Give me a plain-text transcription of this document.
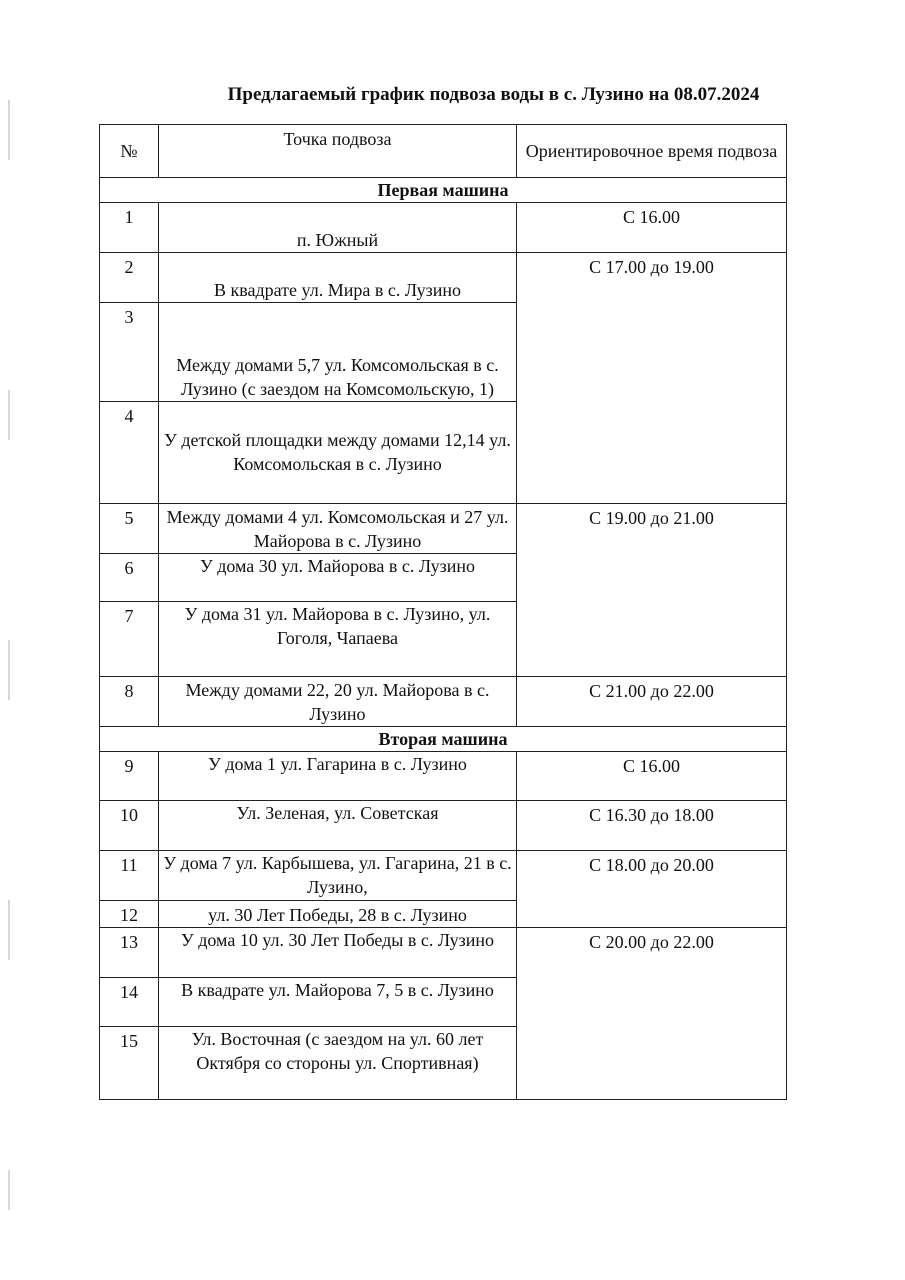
Предлагаемый график подвоза воды в с. Лузино на 08.07.2024
№	Точка подвоза	Ориентировочное время подвоза
Первая машина		
1	п. Южный	С 16.00
2	В квадрате ул. Мира в с. Лузино	С 17.00 до 19.00
3	Между домами 5,7 ул. Комсомольская в с. Лузино (с заездом на Комсомольскую, 1)	
4	У детской площадки между домами 12,14 ул. Комсомольская в с. Лузино	
5	Между домами 4 ул. Комсомольская и 27 ул. Майорова в с. Лузино	С 19.00 до 21.00
6	У дома 30 ул. Майорова в с. Лузино	
7	У дома 31 ул. Майорова в с. Лузино, ул. Гоголя, Чапаева	
8	Между домами 22, 20 ул. Майорова в с. Лузино	С 21.00 до 22.00
Вторая машина		
9	У дома 1 ул. Гагарина в с. Лузино	С 16.00
10	Ул. Зеленая, ул. Советская	С 16.30 до 18.00
11	У дома 7 ул. Карбышева, ул. Гагарина, 21 в с. Лузино,	С 18.00 до 20.00
12	ул. 30 Лет Победы, 28 в с. Лузино	
13	У дома 10 ул. 30 Лет Победы в с. Лузино	С 20.00 до 22.00
14	В квадрате ул. Майорова 7, 5 в с. Лузино	
15	Ул. Восточная (с заездом на ул. 60 лет Октября со стороны ул. Спортивная)	
